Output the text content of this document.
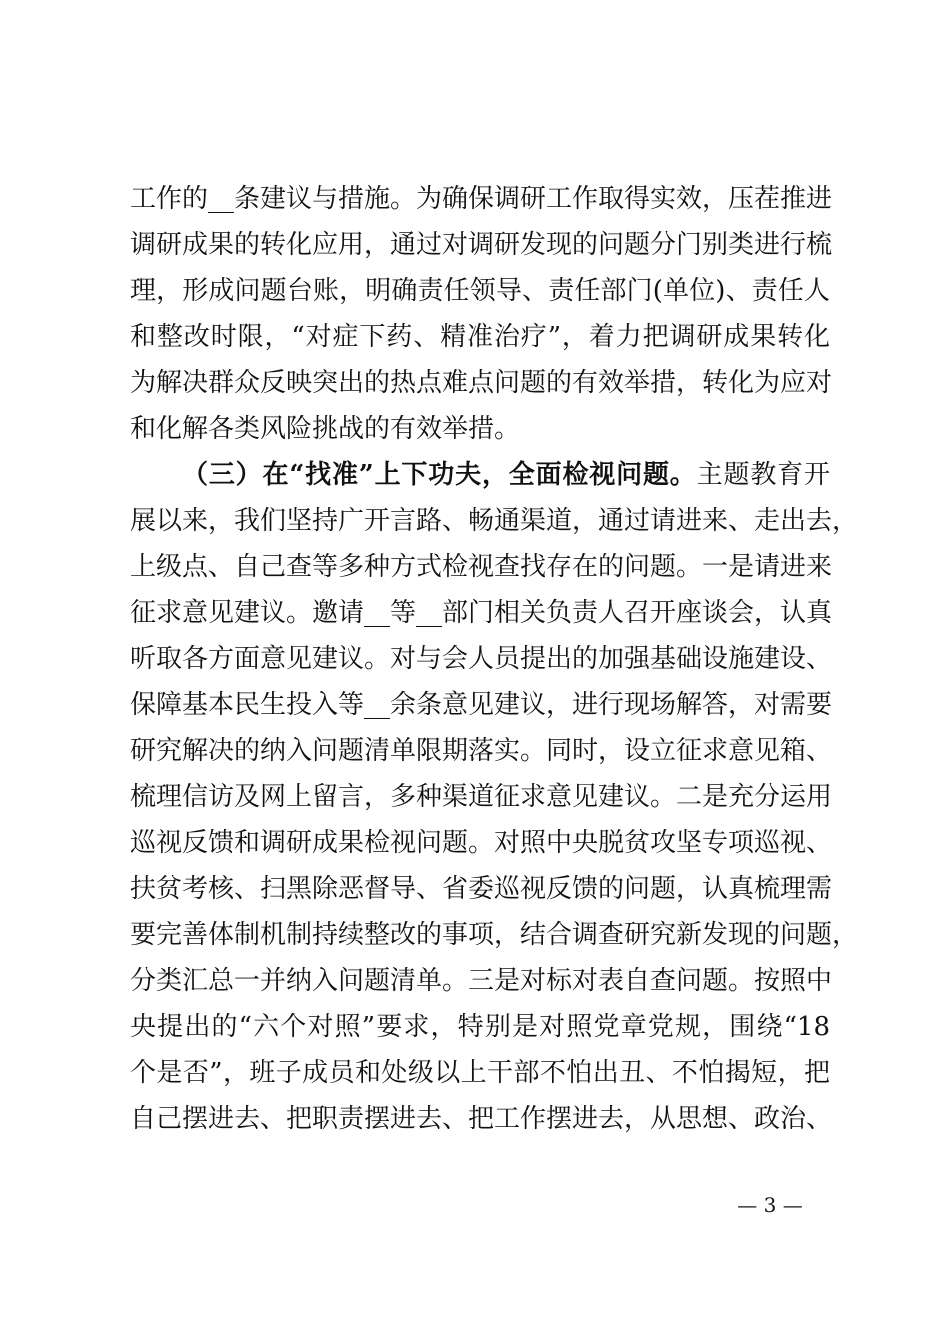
工作的__条建议与措施。为确保调研工作取得实效，压茬推进
调研成果的转化应用，通过对调研发现的问题分门别类进行梳
理，形成问题台账，明确责任领导、责任部门(单位)、责任人
和整改时限，“对症下药、精准治疗”，着力把调研成果转化
为解决群众反映突出的热点难点问题的有效举措，转化为应对
和化解各类风险挑战的有效举措。
（三）在“找准”上下功夫，全面检视问题。主题教育开
展以来，我们坚持广开言路、畅通渠道，通过请进来、走出去，
上级点、自己查等多种方式检视查找存在的问题。一是请进来
征求意见建议。邀请__等__部门相关负责人召开座谈会，认真
听取各方面意见建议。对与会人员提出的加强基础设施建设、
保障基本民生投入等__余条意见建议，进行现场解答，对需要
研究解决的纳入问题清单限期落实。同时，设立征求意见箱、
梳理信访及网上留言，多种渠道征求意见建议。二是充分运用
巡视反馈和调研成果检视问题。对照中央脱贫攻坚专项巡视、
扶贫考核、扫黑除恶督导、省委巡视反馈的问题，认真梳理需
要完善体制机制持续整改的事项，结合调查研究新发现的问题，
分类汇总一并纳入问题清单。三是对标对表自查问题。按照中
央提出的“六个对照”要求，特别是对照党章党规，围绕“18
个是否”，班子成员和处级以上干部不怕出丑、不怕揭短，把
自己摆进去、把职责摆进去、把工作摆进去，从思想、政治、
— 3 —
